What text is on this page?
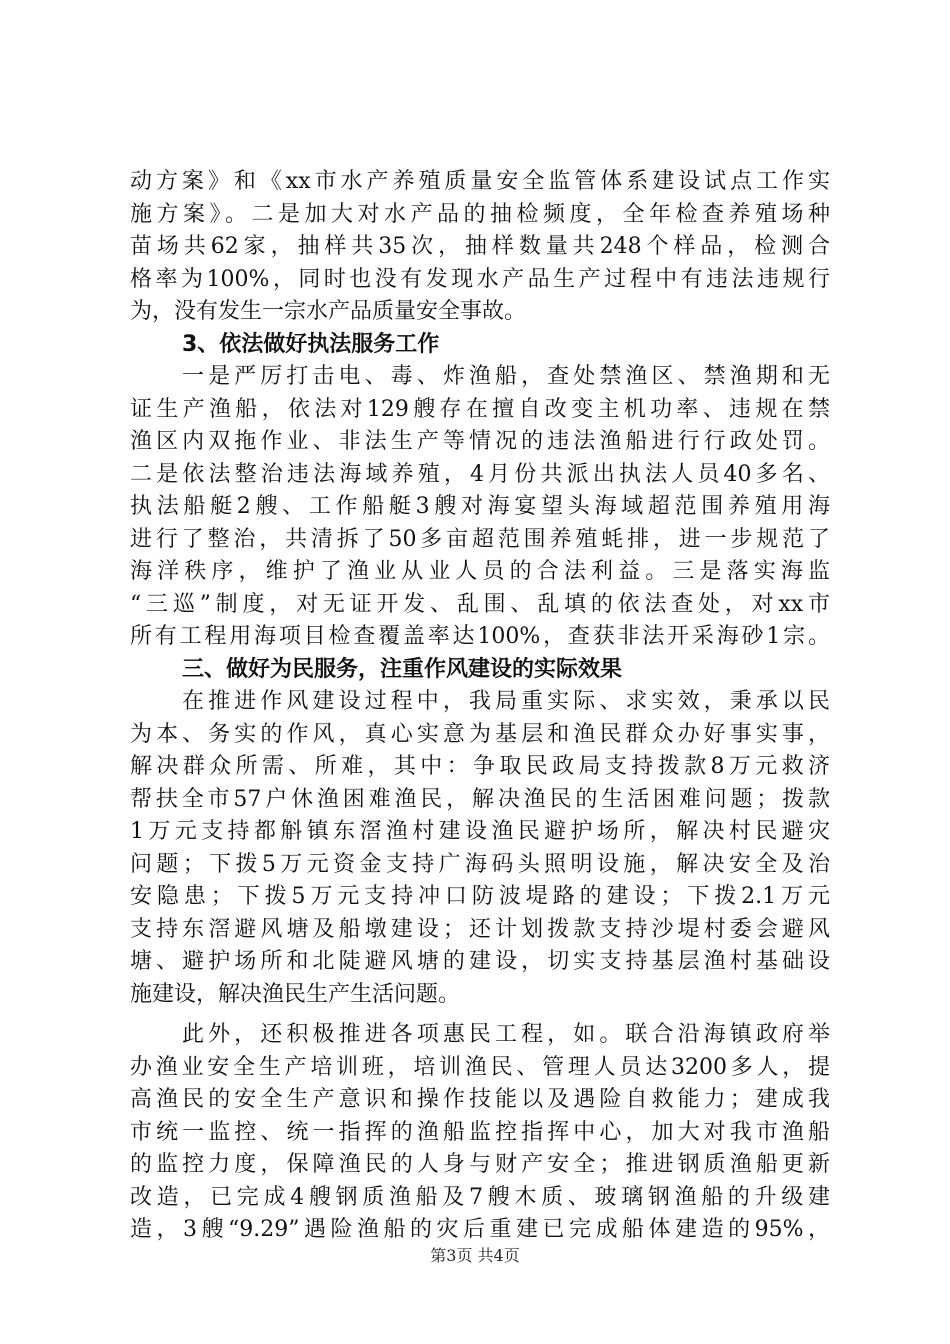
动方案》和《xx市水产养殖质量安全监管体系建设试点工作实
施方案》。二是加大对水产品的抽检频度，全年检查养殖场种
苗场共62家，抽样共35次，抽样数量共248个样品，检测合
格率为100%，同时也没有发现水产品生产过程中有违法违规行
为，没有发生一宗水产品质量安全事故。
3、依法做好执法服务工作
一是严厉打击电、毒、炸渔船，查处禁渔区、禁渔期和无
证生产渔船，依法对129艘存在擅自改变主机功率、违规在禁
渔区内双拖作业、非法生产等情况的违法渔船进行行政处罚。
二是依法整治违法海域养殖，4月份共派出执法人员40多名、
执法船艇2艘、工作船艇3艘对海宴望头海域超范围养殖用海
进行了整治，共清拆了50多亩超范围养殖蚝排，进一步规范了
海洋秩序，维护了渔业从业人员的合法利益。三是落实海监
“三巡”制度，对无证开发、乱围、乱填的依法查处，对xx市
所有工程用海项目检查覆盖率达100%，查获非法开采海砂1宗。
三、做好为民服务，注重作风建设的实际效果
在推进作风建设过程中，我局重实际、求实效，秉承以民
为本、务实的作风，真心实意为基层和渔民群众办好事实事，
解决群众所需、所难，其中：争取民政局支持拨款8万元救济
帮扶全市57户休渔困难渔民，解决渔民的生活困难问题；拨款
1万元支持都斛镇东滘渔村建设渔民避护场所，解决村民避灾
问题；下拨5万元资金支持广海码头照明设施，解决安全及治
安隐患；下拨5万元支持冲口防波堤路的建设；下拨2.1万元
支持东滘避风塘及船墩建设；还计划拨款支持沙堤村委会避风
塘、避护场所和北陡避风塘的建设，切实支持基层渔村基础设
施建设，解决渔民生产生活问题。
此外，还积极推进各项惠民工程，如。联合沿海镇政府举
办渔业安全生产培训班，培训渔民、管理人员达3200多人，提
高渔民的安全生产意识和操作技能以及遇险自救能力；建成我
市统一监控、统一指挥的渔船监控指挥中心，加大对我市渔船
的监控力度，保障渔民的人身与财产安全；推进钢质渔船更新
改造，已完成4艘钢质渔船及7艘木质、玻璃钢渔船的升级建
造，3艘“9.29”遇险渔船的灾后重建已完成船体建造的95%，
第3页 共4页
